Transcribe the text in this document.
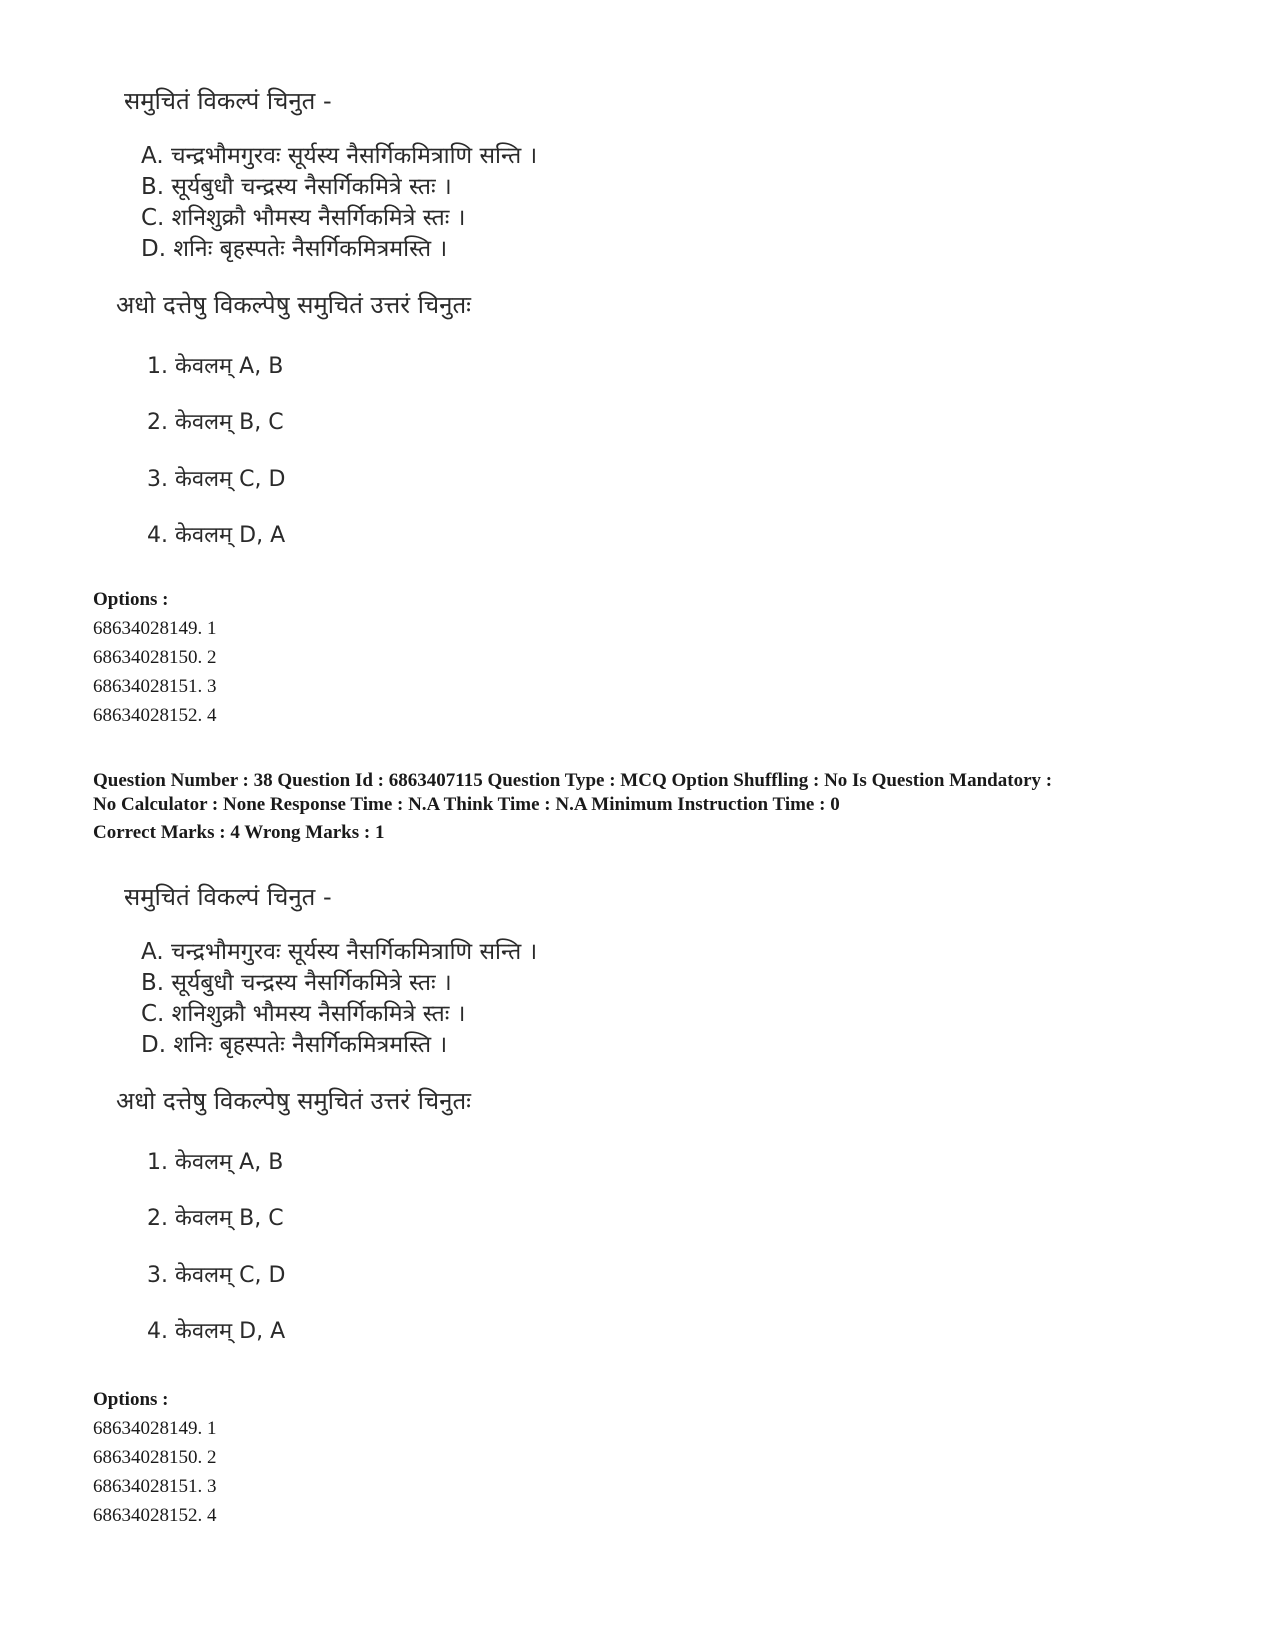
समुचितं विकल्पं चिनुत -
A. चन्द्रभौमगुरवः सूर्यस्य नैसर्गिकमित्राणि सन्ति ।
B. सूर्यबुधौ चन्द्रस्य नैसर्गिकमित्रे स्तः ।
C. शनिशुक्रौ भौमस्य नैसर्गिकमित्रे स्तः ।
D. शनिः बृहस्पतेः नैसर्गिकमित्रमस्ति ।
अधो दत्तेषु विकल्पेषु समुचितं उत्तरं चिनुतः
1. केवलम् A, B
2. केवलम् B, C
3. केवलम् C, D
4. केवलम् D, A
Options :
68634028149. 1
68634028150. 2
68634028151. 3
68634028152. 4
Question Number : 38 Question Id : 6863407115 Question Type : MCQ Option Shuffling : No Is Question Mandatory :
No Calculator : None Response Time : N.A Think Time : N.A Minimum Instruction Time : 0
Correct Marks : 4 Wrong Marks : 1
समुचितं विकल्पं चिनुत -
A. चन्द्रभौमगुरवः सूर्यस्य नैसर्गिकमित्राणि सन्ति ।
B. सूर्यबुधौ चन्द्रस्य नैसर्गिकमित्रे स्तः ।
C. शनिशुक्रौ भौमस्य नैसर्गिकमित्रे स्तः ।
D. शनिः बृहस्पतेः नैसर्गिकमित्रमस्ति ।
अधो दत्तेषु विकल्पेषु समुचितं उत्तरं चिनुतः
1. केवलम् A, B
2. केवलम् B, C
3. केवलम् C, D
4. केवलम् D, A
Options :
68634028149. 1
68634028150. 2
68634028151. 3
68634028152. 4
